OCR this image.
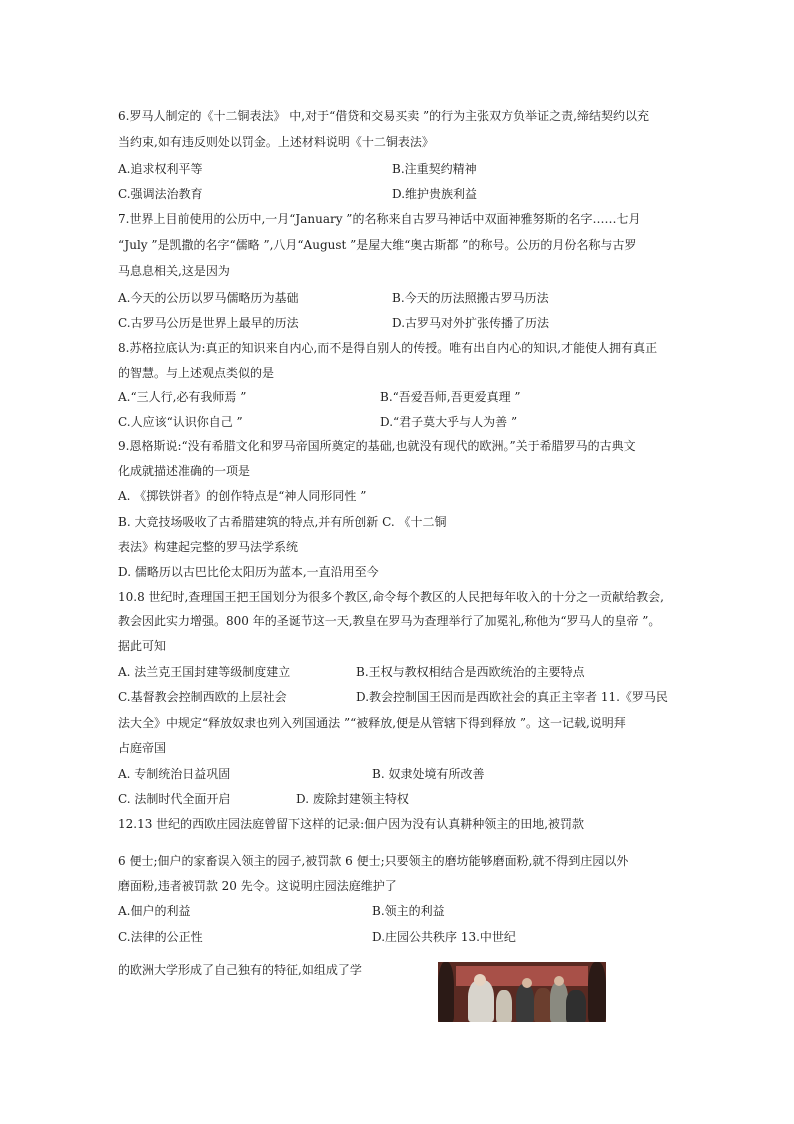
6.罗马人制定的《十二铜表法》 中,对于“借贷和交易买卖 ”的行为主张双方负举证之责,缔结契约以充
当约束,如有违反则处以罚金。上述材料说明《十二铜表法》
A.追求权利平等	B.注重契约精神
C.强调法治教育	D.维护贵族利益
7.世界上目前使用的公历中,一月“January ”的名称来自古罗马神话中双面神雅努斯的名字……七月
“July ”是凯撒的名字“儒略 ”,八月“August ”是屋大维“奥古斯都 ”的称号。公历的月份名称与古罗
马息息相关,这是因为
A.今天的公历以罗马儒略历为基础	B.今天的历法照搬古罗马历法
C.古罗马公历是世界上最早的历法	D.古罗马对外扩张传播了历法
8.苏格拉底认为:真正的知识来自内心,而不是得自别人的传授。唯有出自内心的知识,才能使人拥有真正
的智慧。与上述观点类似的是
A.“三人行,必有我师焉 ”	B.“吾爱吾师,吾更爱真理 ”
C.人应该“认识你自己 ”	D.“君子莫大乎与人为善 ”
9.恩格斯说:“没有希腊文化和罗马帝国所奠定的基础,也就没有现代的欧洲。”关于希腊罗马的古典文
化成就描述准确的一项是
A. 《掷铁饼者》的创作特点是“神人同形同性 ”
B. 大竞技场吸收了古希腊建筑的特点,并有所创新 C. 《十二铜
表法》构建起完整的罗马法学系统
D. 儒略历以古巴比伦太阳历为蓝本,一直沿用至今
10.8 世纪时,查理国王把王国划分为很多个教区,命令每个教区的人民把每年收入的十分之一贡献给教会,
教会因此实力增强。800 年的圣诞节这一天,教皇在罗马为查理举行了加冕礼,称他为“罗马人的皇帝 ”。
据此可知
A. 法兰克王国封建等级制度建立	B.王权与教权相结合是西欧统治的主要特点
C.基督教会控制西欧的上层社会	D.教会控制国王因而是西欧社会的真正主宰者 11.《罗马民
法大全》中规定“释放奴隶也列入列国通法 ”“被释放,便是从管辖下得到释放 ”。这一记载,说明拜
占庭帝国
A. 专制统治日益巩固	B. 奴隶处境有所改善
C. 法制时代全面开启	D. 废除封建领主特权
12.13 世纪的西欧庄园法庭曾留下这样的记录:佃户因为没有认真耕种领主的田地,被罚款
6 便士;佃户的家畜误入领主的园子,被罚款 6 便士;只要领主的磨坊能够磨面粉,就不得到庄园以外
磨面粉,违者被罚款 20 先令。这说明庄园法庭维护了
A.佃户的利益	B.领主的利益
C.法律的公正性	D.庄园公共秩序 13.中世纪
的欧洲大学形成了自己独有的特征,如组成了学
